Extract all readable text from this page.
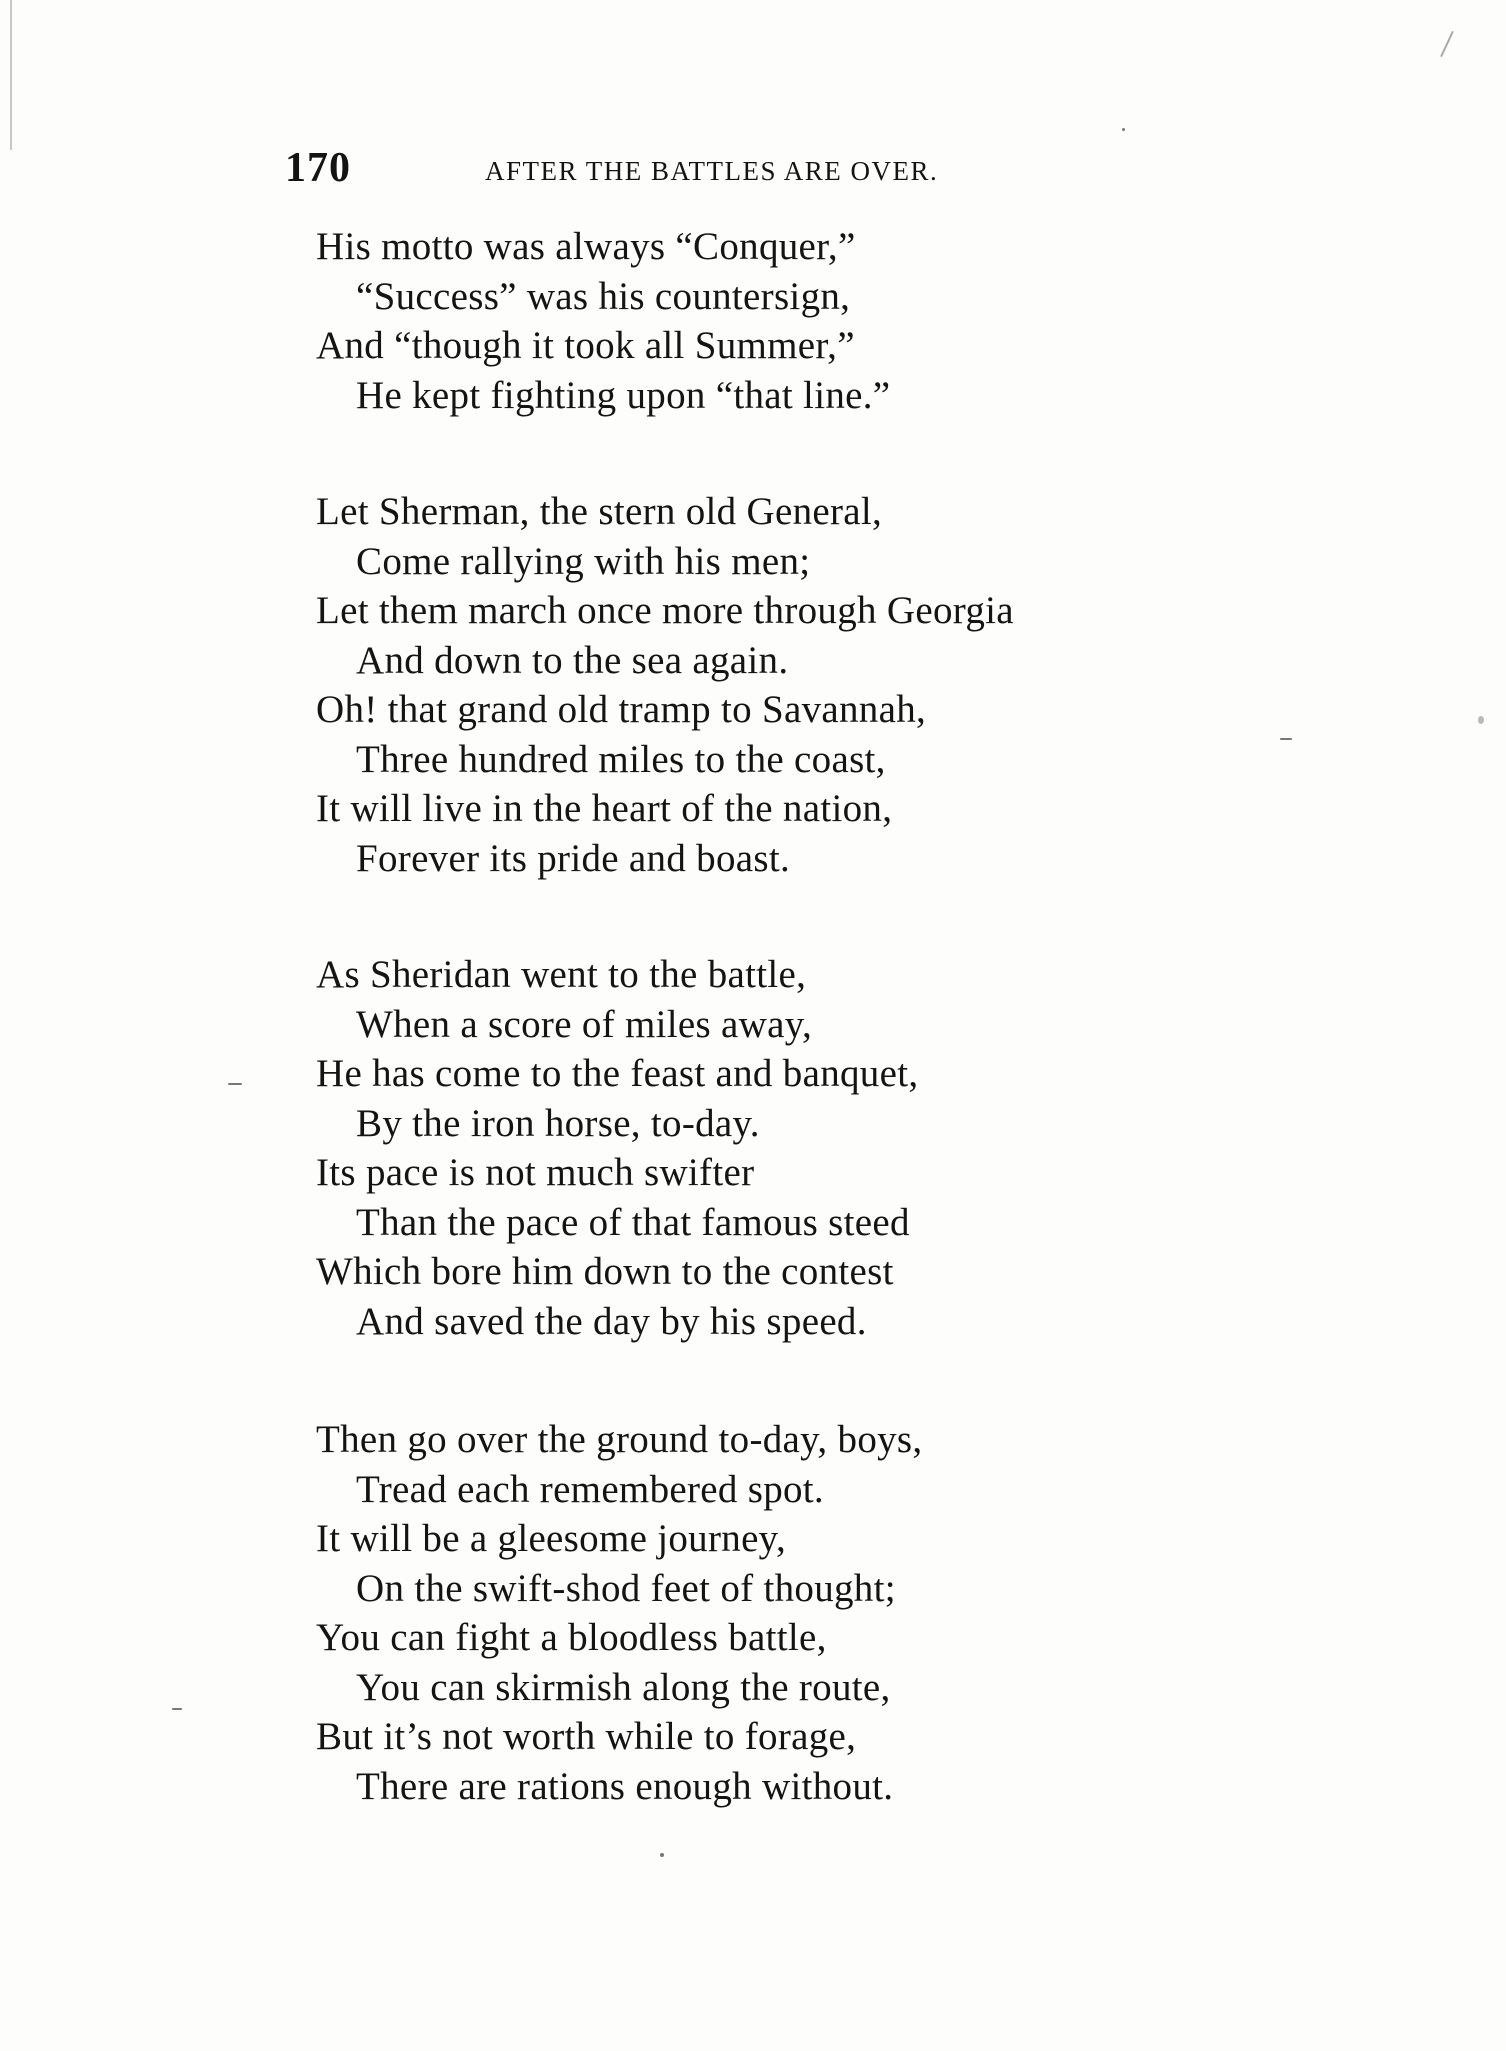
170	AFTER THE BATTLES ARE OVER.
His motto was always “Conquer,”
“Success” was his countersign,
And “though it took all Summer,”
He kept fighting upon “that line.”
Let Sherman, the stern old General,
Come rallying with his men;
Let them march once more through Georgia
And down to the sea again.
Oh! that grand old tramp to Savannah,
Three hundred miles to the coast,
It will live in the heart of the nation,
Forever its pride and boast.
As Sheridan went to the battle,
When a score of miles away,
He has come to the feast and banquet,
By the iron horse, to-day.
Its pace is not much swifter
Than the pace of that famous steed
Which bore him down to the contest
And saved the day by his speed.
Then go over the ground to-day, boys,
Tread each remembered spot.
It will be a gleesome journey,
On the swift-shod feet of thought;
You can fight a bloodless battle,
You can skirmish along the route,
But it’s not worth while to forage,
There are rations enough without.
